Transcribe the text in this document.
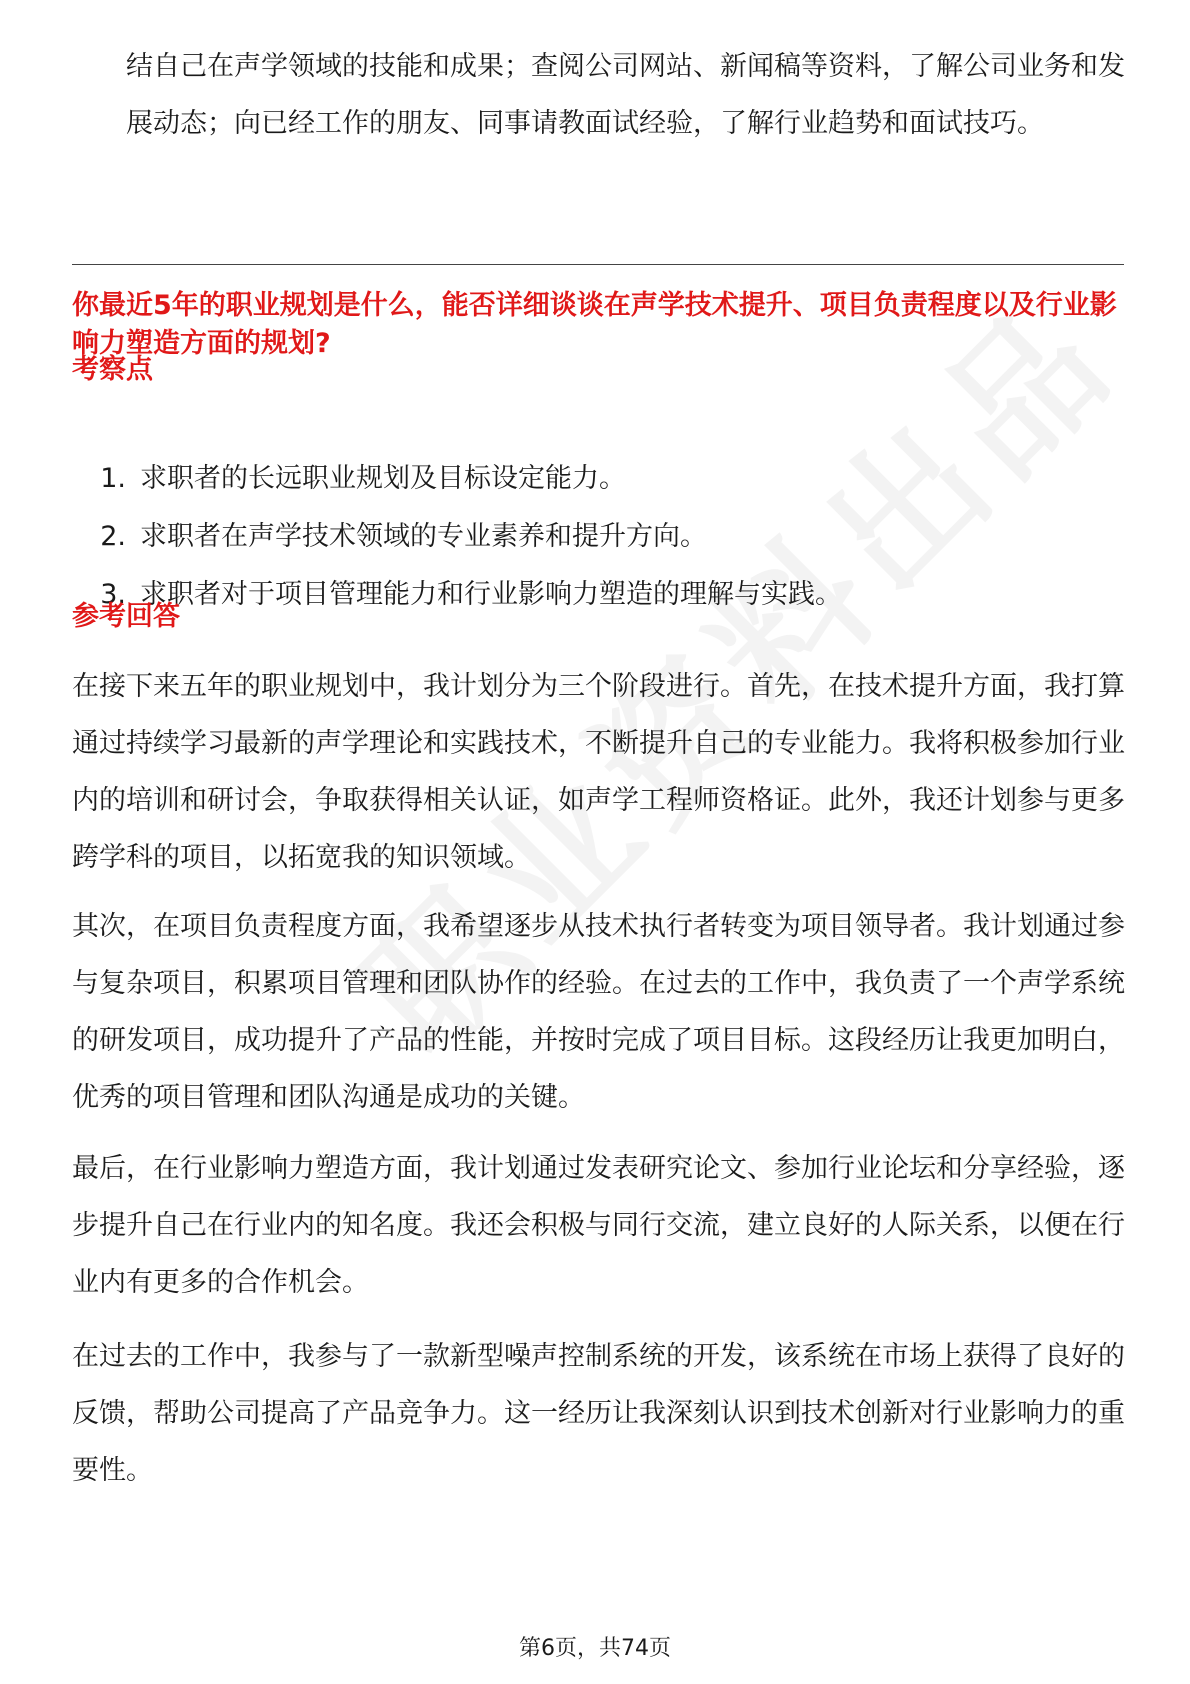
结自己在声学领域的技能和成果；查阅公司网站、新闻稿等资料，了解公司业务和发展动态；向已经工作的朋友、同事请教面试经验，了解行业趋势和面试技巧。

你最近5年的职业规划是什么，能否详细谈谈在声学技术提升、项目负责程度以及行业影响力塑造方面的规划?

考察点

1. 求职者的长远职业规划及目标设定能力。
2. 求职者在声学技术领域的专业素养和提升方向。
3. 求职者对于项目管理能力和行业影响力塑造的理解与实践。

参考回答

在接下来五年的职业规划中，我计划分为三个阶段进行。首先，在技术提升方面，我打算通过持续学习最新的声学理论和实践技术，不断提升自己的专业能力。我将积极参加行业内的培训和研讨会，争取获得相关认证，如声学工程师资格证。此外，我还计划参与更多跨学科的项目，以拓宽我的知识领域。

其次，在项目负责程度方面，我希望逐步从技术执行者转变为项目领导者。我计划通过参与复杂项目，积累项目管理和团队协作的经验。在过去的工作中，我负责了一个声学系统的研发项目，成功提升了产品的性能，并按时完成了项目目标。这段经历让我更加明白，优秀的项目管理和团队沟通是成功的关键。

最后，在行业影响力塑造方面，我计划通过发表研究论文、参加行业论坛和分享经验，逐步提升自己在行业内的知名度。我还会积极与同行交流，建立良好的人际关系，以便在行业内有更多的合作机会。

在过去的工作中，我参与了一款新型噪声控制系统的开发，该系统在市场上获得了良好的反馈，帮助公司提高了产品竞争力。这一经历让我深刻认识到技术创新对行业影响力的重要性。

第6页，共74页
